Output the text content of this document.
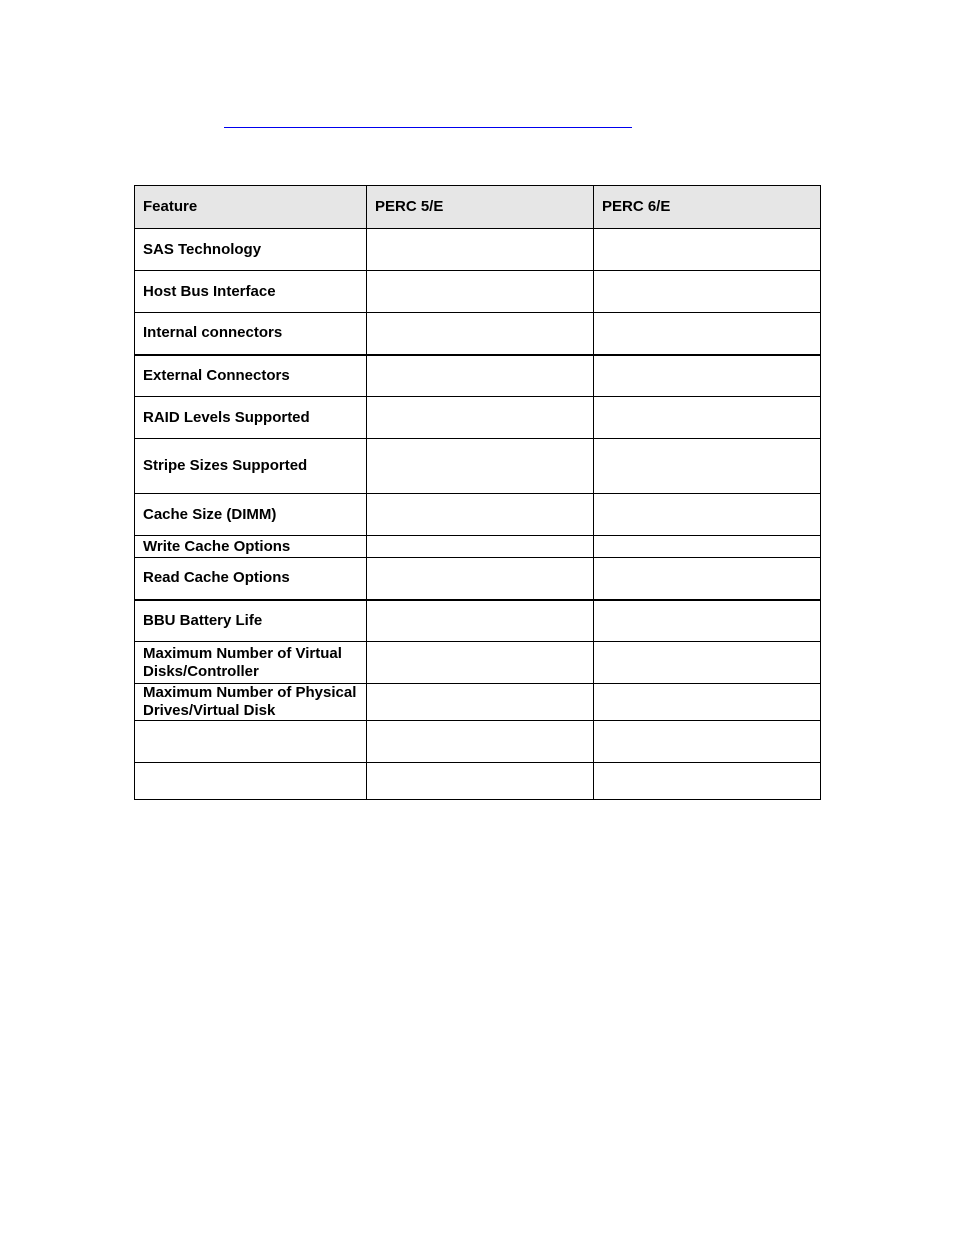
Feature	PERC 5/E	PERC 6/E
SAS Technology		
Host Bus Interface		
Internal connectors		
External Connectors		
RAID Levels Supported		
Stripe Sizes Supported		
Cache Size (DIMM)		
Write Cache Options		
Read Cache Options		
BBU Battery Life		
Maximum Number of Virtual Disks/Controller		
Maximum Number of Physical Drives/Virtual Disk		
